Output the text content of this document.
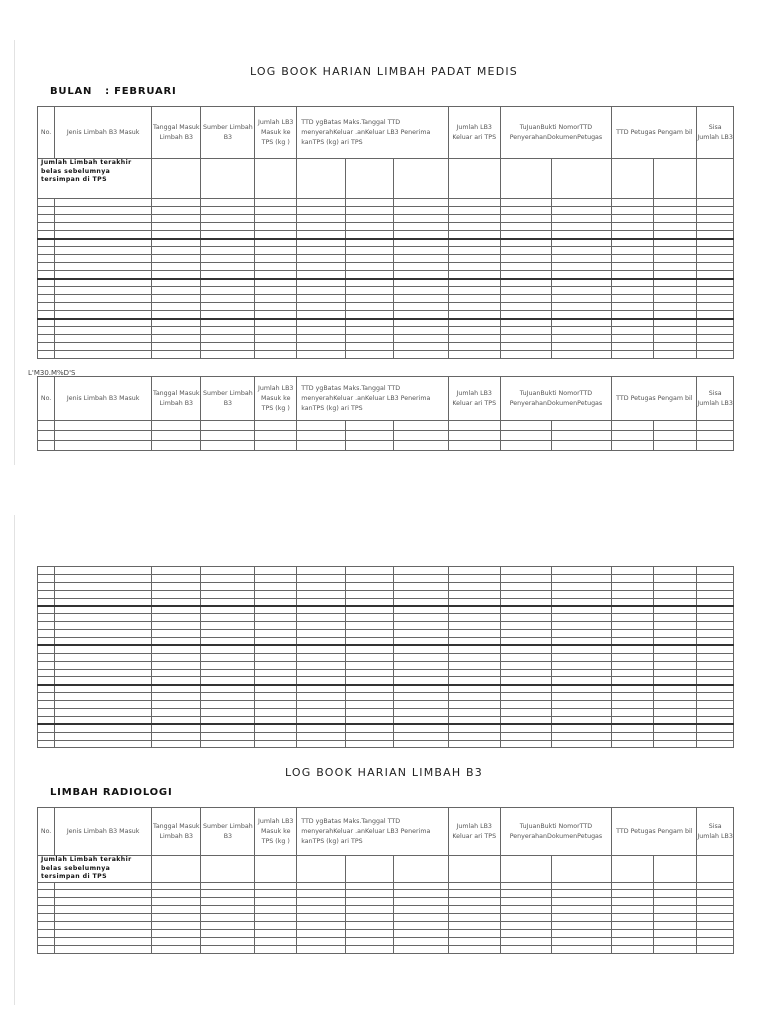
LOG BOOK HARIAN LIMBAH PADAT MEDIS
BULAN : FEBRUARI
No.	Jenis Limbah B3 Masuk	Tanggal Masuk Limbah B3	Sumber Limbah B3	Jumlah LB3 Masuk ke TPS (kg )	TTD ygBatas Maks.Tanggal TTD menyerahKeluar .anKeluar LB3 Penerima kanTPS (kg) ari TPS			Jumlah LB3 Keluar ari TPS	TuJuanBukti NomorTTD PenyerahanDokumenPetugas		TTD Petugas Pengam bil		Sisa Jumlah LB3
Jumlah Limbah terakhir belas sebelumnya tersimpan di TPS													

L'M30.M%D'S
No.	Jenis Limbah B3 Masuk	Tanggal Masuk Limbah B3	Sumber Limbah B3	Jumlah LB3 Masuk ke TPS (kg )	TTD ygBatas Maks.Tanggal TTD menyerahKeluar .anKeluar LB3 Penerima kanTPS (kg) ari TPS			Jumlah LB3 Keluar ari TPS	TuJuanBukti NomorTTD PenyerahanDokumenPetugas		TTD Petugas Pengam bil		Sisa Jumlah LB3

LOG BOOK HARIAN LIMBAH B3
LIMBAH RADIOLOGI
No.	Jenis Limbah B3 Masuk	Tanggal Masuk Limbah B3	Sumber Limbah B3	Jumlah LB3 Masuk ke TPS (kg )	TTD ygBatas Maks.Tanggal TTD menyerahKeluar .anKeluar LB3 Penerima kanTPS (kg) ari TPS			Jumlah LB3 Keluar ari TPS	TuJuanBukti NomorTTD PenyerahanDokumenPetugas		TTD Petugas Pengam bil		Sisa Jumlah LB3
Jumlah Limbah terakhir belas sebelumnya tersimpan di TPS													
